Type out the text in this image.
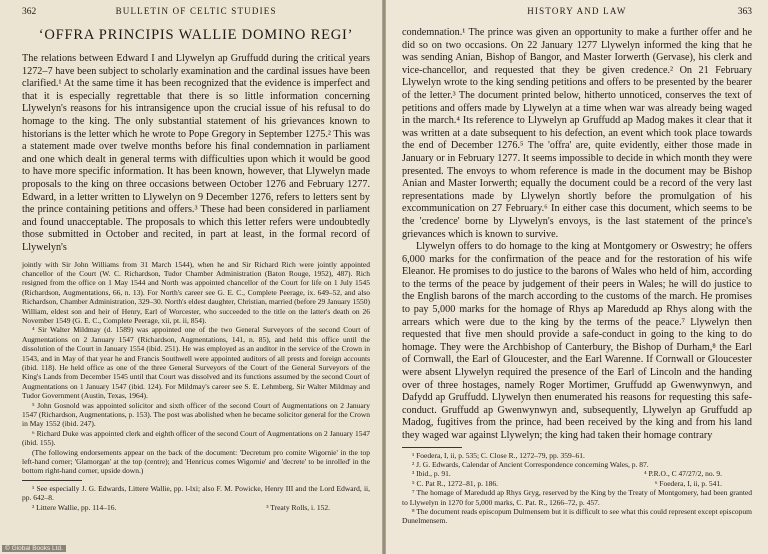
362	BULLETIN OF CELTIC STUDIES
‘OFFRA PRINCIPIS WALLIE DOMINO REGI’

The relations between Edward I and Llywelyn ap Gruffudd during the critical years 1272–7 have been subject to scholarly examination and the cardinal issues have been clarified.¹ At the same time it has been recognized that the evidence is imperfect and that it is especially regrettable that there is so little information concerning Llywelyn's reasons for his intransigence upon the crucial issue of his refusal to do homage to the king. The only substantial statement of his grievances known to historians is the letter which he wrote to Pope Gregory in September 1275.² This was a statement made over twelve months before his final condemnation in parliament and one which dealt in general terms with difficulties upon which it would be good to have more specific information. It has been known, however, that Llywelyn made proposals to the king on three occasions between October 1276 and February 1277. Edward, in a letter written to Llywelyn on 9 December 1276, refers to letters sent by the prince containing petitions and offers.³ These had been considered in parliament and found unacceptable. The proposals to which this letter refers were undoubtedly those submitted in October and recited, in part at least, in the formal record of Llywelyn's

jointly with Sir John Williams from 31 March 1544), when he and Sir Richard Rich were jointly appointed chancellor of the Court (W. C. Richardson, Tudor Chamber Administration (Baton Rouge, 1952), 487). Rich resigned from the office on 1 May 1544 and North was appointed chancellor of the Court for life on 1 July 1545 (Richardson, Augmentations, 66, n. 13). For North's career see G. E. C., Complete Peerage, ix. 649–52, and also Richardson, Chamber Administration, 329–30. North's eldest daughter, Christian, married (before 29 January 1550) William, eldest son and heir of Henry, Earl of Worcester, who succeeded to the title on the latter's death on 26 November 1549 (G. E. C., Complete Peerage, xii, pt. ii, 854).

⁴ Sir Walter Mildmay (d. 1589) was appointed one of the two General Surveyors of the second Court of Augmentations on 2 January 1547 (Richardson, Augmentations, 141, n. 85), and held this office until the dissolution of the Court in January 1554 (ibid. 251). He was employed as an auditor in the service of the Crown in 1543, and in May of that year he and Francis Southwell were appointed auditors of all prests and foreign accounts (ibid. 118). He held office as one of the three General Surveyors of the Court of the General Surveyors of the King's Lands from December 1545 until that Court was dissolved and its functions assumed by the second Court of Augmentations on 1 January 1547 (ibid. 124). For Mildmay's career see S. E. Lehmberg, Sir Walter Mildmay and Tudor Government (Austin, Texas, 1964).

⁵ John Gosnold was appointed solicitor and sixth officer of the second Court of Augmentations on 2 January 1547 (Richardson, Augmentations, p. 153). The post was abolished when he became solicitor general for the Crown in May 1552 (ibid. 247).

⁶ Richard Duke was appointed clerk and eighth officer of the second Court of Augmentations on 2 January 1547 (ibid. 155).

(The following endorsements appear on the back of the document: 'Decretum pro comite Wigornie' in the top left-hand corner; 'Glamorgan' at the top (centre); and 'Henricus comes Wigornie' and 'decrete' to be inrolled' in the bottom right-hand corner, upside down.)

¹ See especially J. G. Edwards, Littere Wallie, pp. l-lxi; also F. M. Powicke, Henry III and the Lord Edward, ii, pp. 642–8.

² Littere Wallie, pp. 114–16.	³ Treaty Rolls, i. 152.
HISTORY AND LAW	363

condemnation.¹ The prince was given an opportunity to make a further offer and he did so on two occasions. On 22 January 1277 Llywelyn informed the king that he was sending Anian, Bishop of Bangor, and Master Iorwerth (Gervase), his clerk and vice-chancellor, and requested that they be given credence.² On 21 February Llywelyn wrote to the king sending petitions and offers to be presented by the bearer of the letter.³ The document printed below, hitherto unnoticed, conserves the text of petitions and offers made by Llywelyn at a time when war was already being waged in the march.⁴ Its reference to Llywelyn ap Gruffudd ap Madog makes it clear that it was written at a date subsequent to his defection, an event which took place towards the end of December 1276.⁵ The 'offra' are, quite evidently, either those made in January or in February 1277. It seems impossible to decide in which month they were presented. The envoys to whom reference is made in the document may be Bishop Anian and Master Iorwerth; equally the document could be a record of the very last representations made by Llywelyn shortly before the promulgation of his excommunication on 27 February.⁶ In either case this document, which seems to be the 'credence' borne by Llywelyn's envoys, is the last statement of the prince's grievances which is known to survive.

Llywelyn offers to do homage to the king at Montgomery or Oswestry; he offers 6,000 marks for the confirmation of the peace and for the restoration of his wife Eleanor. He promises to do justice to the barons of Wales who held of him, according to the terms of the peace by judgement of their peers in Wales; he will do justice to the English barons of the march according to the customs of the march. He promises to pay 5,000 marks for the homage of Rhys ap Maredudd ap Rhys along with the arrears which were due to the king by the terms of the peace.⁷ Llywelyn then requested that five men should provide a safe-conduct in going to the king to do homage. They were the Archbishop of Canterbury, the Bishop of Durham,⁸ the Earl of Cornwall, the Earl of Gloucester, and the Earl Warenne. If Cornwall or Gloucester were absent Llywelyn required the presence of the Earl of Lincoln and the handing over of three hostages, namely Roger Mortimer, Gruffudd ap Gwenwynwyn, and Dafydd ap Gruffudd. Llywelyn then enumerated his reasons for requesting this safe-conduct. Gruffudd ap Gwenwynwyn and, subsequently, Llywelyn ap Gruffudd ap Madog, fugitives from the prince, had been received by the king and from his land they waged war against Llywelyn; the king had taken their homage contrary

¹ Foedera, I, ii, p. 535; C. Close R., 1272–79, pp. 359–61.

² J. G. Edwards, Calendar of Ancient Correspondence concerning Wales, p. 87.

³ Ibid., p. 91.	⁴ P.R.O., C 47/27/2, no. 9.
⁵ C. Pat R., 1272–81, p. 186.	⁶ Foedera, I, ii, p. 541.

⁷ The homage of Maredudd ap Rhys Gryg, reserved by the King by the Treaty of Montgomery, had been granted to Llywelyn in 1270 for 5,000 marks, C. Pat. R., 1266–72, p. 457.

⁸ The document reads episcopum Dulmensem but it is difficult to see what this could represent except episcopum Dunelmensem.

© Global Books Ltd.
